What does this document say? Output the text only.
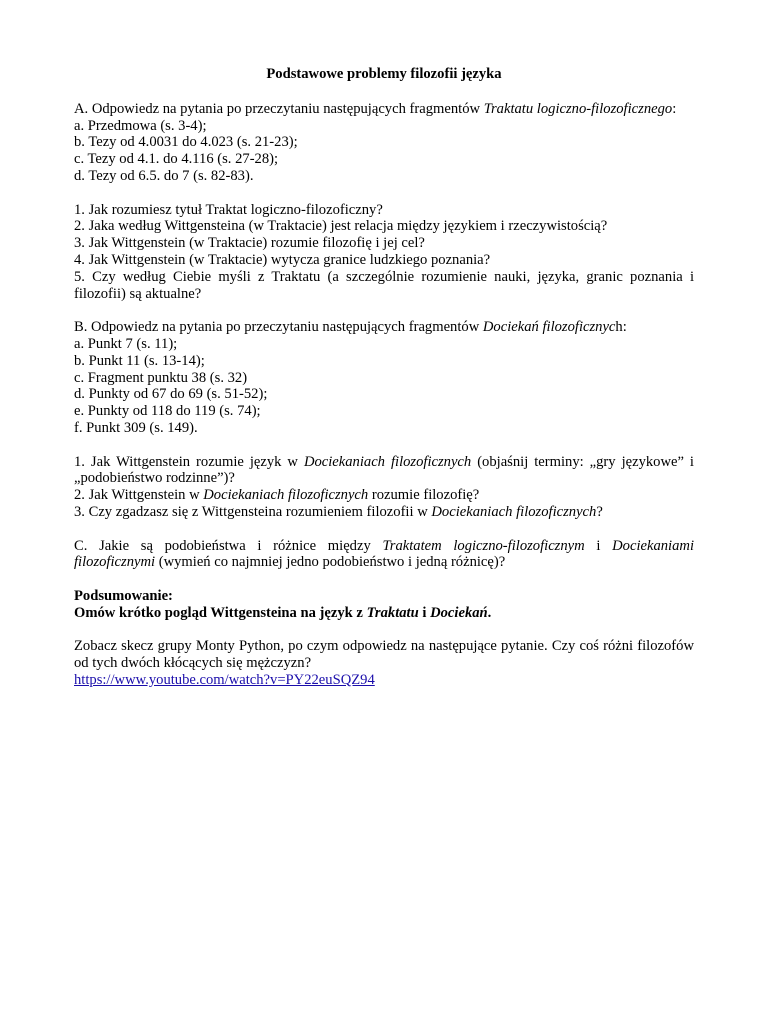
Podstawowe problemy filozofii języka

A. Odpowiedz na pytania po przeczytaniu następujących fragmentów Traktatu logiczno-filozoficznego:

a. Przedmowa (s. 3-4);

b. Tezy od 4.0031 do 4.023 (s. 21-23);

c. Tezy od 4.1. do 4.116 (s. 27-28);

d. Tezy od 6.5. do 7 (s. 82-83).

1. Jak rozumiesz tytuł Traktat logiczno-filozoficzny?

2. Jaka według Wittgensteina (w Traktacie) jest relacja między językiem i rzeczywistością?

3. Jak Wittgenstein (w Traktacie) rozumie filozofię i jej cel?

4. Jak Wittgenstein (w Traktacie) wytycza granice ludzkiego poznania?

5. Czy według Ciebie myśli z Traktatu (a szczególnie rozumienie nauki, języka, granic poznania i filozofii) są aktualne?

B. Odpowiedz na pytania po przeczytaniu następujących fragmentów Dociekań filozoficznych:

a. Punkt 7 (s. 11);

b. Punkt 11 (s. 13-14);

c. Fragment punktu 38 (s. 32)

d. Punkty od 67 do 69 (s. 51-52);

e. Punkty od 118 do 119 (s. 74);

f. Punkt 309 (s. 149).

1. Jak Wittgenstein rozumie język w Dociekaniach filozoficznych (objaśnij terminy: „gry językowe” i „podobieństwo rodzinne”)?

2. Jak Wittgenstein w Dociekaniach filozoficznych rozumie filozofię?

3. Czy zgadzasz się z Wittgensteina rozumieniem filozofii w Dociekaniach filozoficznych?

C. Jakie są podobieństwa i różnice między Traktatem logiczno-filozoficznym i Dociekaniami filozoficznymi (wymień co najmniej jedno podobieństwo i jedną różnicę)?

Podsumowanie:

Omów krótko pogląd Wittgensteina na język z Traktatu i Dociekań.

Zobacz skecz grupy Monty Python, po czym odpowiedz na następujące pytanie. Czy coś różni filozofów od tych dwóch kłócących się mężczyzn?

https://www.youtube.com/watch?v=PY22euSQZ94
